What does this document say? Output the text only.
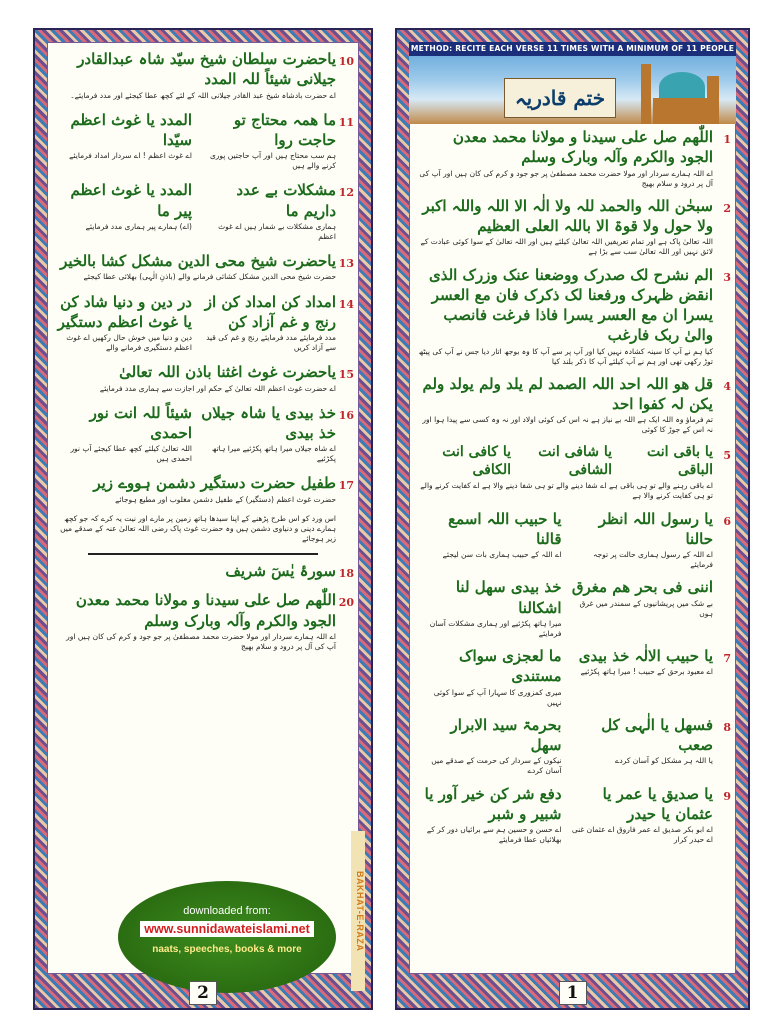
10
یاحضرت سلطان شیخ سیّد شاہ عبدالقادر جیلانی شیئاً للہ المدد
اے حضرت بادشاہ شیخ عبد القادر جیلانی اللہ کے لئے کچھ عطا کیجئے اور مدد فرمایئے۔
11
ما ھمہ محتاج تو حاجت روا
ہم سب محتاج ہیں اور آپ حاجتیں پوری کرنے والے ہیں
المدد یا غوث اعظم سیّدا
اے غوث اعظم ! اے سردار امداد فرمایئے
12
مشکلات بے عدد داریم ما
ہماری مشکلات بے شمار ہیں اے غوث اعظم
المدد یا غوث اعظم پیر ما
(اے) ہمارے پیر ہماری مدد فرمایئے
13
یاحضرت شیخ محی الدین مشکل کشا بالخیر
حضرت شیخ محی الدین مشکل کشائی فرمانے والے (باذنِ الٰہی) بھلائی عطا کیجئے
14
امداد کن امداد کن از رنج و غم آزاد کن
مدد فرمایئے مدد فرمایئے رنج و غم کی قید سے آزاد کریں
در دین و دنیا شاد کن یا غوث اعظم دستگیر
دین و دنیا میں خوش حال رکھیں اے غوث اعظم دستگیری فرمانے والے
15
یاحضرت غوث اغثنا باذن اللہ تعالیٰ
اے حضرت غوث اعظم اللہ تعالیٰ کے حکم اور اجازت سے ہماری مدد فرمایئے
16
خذ بیدی یا شاہ جیلاں خذ بیدی
اے شاہ جیلاں میرا ہاتھ پکڑئیے میرا ہاتھ پکڑئیے
شیئاً للہ انت نور احمدی
اللہ تعالیٰ کیلئے کچھ عطا کیجئے آپ نور احمدی ہیں
17
طفیل حضرت دستگیر دشمن ہووے زیر
حضرت غوث اعظم (دستگیر) کے طفیل دشمن مغلوب اور مطیع ہوجائے
اس ورد کو اس طرح پڑھنے کے اپنا سیدھا ہاتھ زمین پر مارے اور نیت یہ کرے کہ جو کچھ ہمارے دینی و دنیاوی دشمن ہیں وہ حضرت غوث پاک رضی اللہ تعالیٰ عنہ کے صدقے میں زیر ہوجائے
18
سورۂ یٰسٓ شریف
20
اللّٰھم صل علی سیدنا و مولانا محمد معدن الجود والکرم وآلہ وبارک وسلم
اے اللہ ہمارے سردار اور مولا حضرت محمد مصطفیٰ پر جو جود و کرم کی کان ہیں اور آپ کی آل پر درود و سلام بھیج
downloaded from:
www.sunnidawateislami.net
naats, speeches, books & more	BAKHAT-E-RAZA
2
METHOD: RECITE EACH VERSE 11 TIMES WITH A MINIMUM OF 11 PEOPLE
ختم قادریہ
1
اللّٰھم صل علی سیدنا و مولانا محمد معدن الجود والکرم وآلہ وبارک وسلم
اے اللہ ہمارے سردار اور مولا حضرت محمد مصطفیٰ پر جو جود و کرم کی کان ہیں اور آپ کی آل پر درود و سلام بھیج
2
سبحٰن اللہ والحمد للہ ولا الٰہ الا اللہ واللہ اکبر ولا حول ولا قوۃ الا باللہ العلی العظیم
اللہ تعالیٰ پاک ہے اور تمام تعریفیں اللہ تعالیٰ کیلئے ہیں اور اللہ تعالیٰ کے سوا کوئی عبادت کے لائق نہیں اور اللہ تعالیٰ سب سے بڑا ہے
3
الم نشرح لک صدرک ووضعنا عنک وزرک الذی انقض ظہرک ورفعنا لک ذکرک فان مع العسر یسرا ان مع العسر یسرا فاذا فرغت فانصب والیٰ ربک فارغب
کیا ہم نے آپ کا سینہ کشادہ نہیں کیا اور آپ پر سے آپ کا وہ بوجھ اتار دیا جس نے آپ کی پیٹھ توڑ رکھی تھی اور ہم نے آپ کیلئے آپ کا ذکر بلند کیا
4
قل ھو اللہ احد اللہ الصمد لم یلد ولم یولد ولم یکن لہ کفوا احد
تم فرماؤ وہ اللہ ایک ہے اللہ بے نیاز ہے نہ اس کی کوئی اولاد اور نہ وہ کسی سے پیدا ہوا اور نہ اس کے جوڑ کا کوئی
5
یا باقی انت الباقی
یا شافی انت الشافی
یا کافی انت الکافی
اے باقی رہنے والے تو ہی باقی ہے اے شفا دینے والے تو ہی شفا دینے والا ہے اے کفایت کرنے والے تو ہی کفایت کرنے والا ہے
6
یا رسول اللہ انظر حالنا
اے اللہ کے رسول ہماری حالت پر توجہ فرمایئے
یا حبیب اللہ اسمع قالنا
اے اللہ کے حبیب ہماری بات سن لیجئے
اننی فی بحر ھم مغرق
بے شک میں پریشانیوں کے سمندر میں غرق ہوں
خذ بیدی سھل لنا اشکالنا
میرا ہاتھ پکڑئیے اور ہماری مشکلات آسان فرمایئے
7
یا حبیب الالٰہ خذ بیدی
اے معبود برحق کے حبیب ! میرا ہاتھ پکڑئیے
ما لعجزی سواک مستندی
میری کمزوری کا سہارا آپ کے سوا کوئی نہیں
8
فسھل یا الٰہی کل صعب
یا اللہ ہر مشکل کو آسان کردے
بحرمۃ سید الابرار سھل
نیکوں کے سردار کی حرمت کے صدقے میں آسان کردے
9
یا صدیق یا عمر یا عثمان یا حیدر
اے ابو بکر صدیق اے عمر فاروق اے عثمان غنی اے حیدر کرار
دفع شر کن خیر آور یا شبیر و شبر
اے حسن و حسین ہم سے برائیاں دور کر کے بھلائیاں عطا فرمایئے
1
